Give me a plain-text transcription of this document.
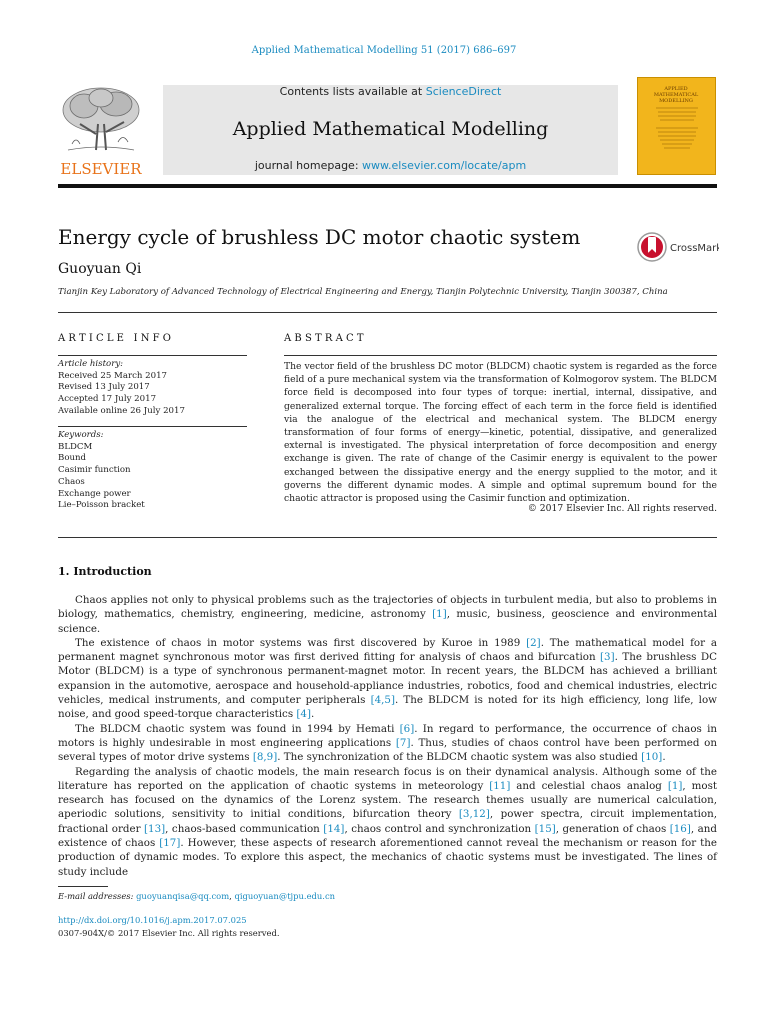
Applied Mathematical Modelling 51 (2017) 686–697
ELSEVIER
Contents lists available at ScienceDirect
Applied Mathematical Modelling
journal homepage: www.elsevier.com/locate/apm
APPLIED
MATHEMATICAL
MODELLING
Energy cycle of brushless DC motor chaotic system	CrossMark
Guoyuan Qi
Tianjin Key Laboratory of Advanced Technology of Electrical Engineering and Energy, Tianjin Polytechnic University, Tianjin 300387, China
ARTICLE INFO
Article history:
Received 25 March 2017
Revised 13 July 2017
Accepted 17 July 2017
Available online 26 July 2017
Keywords:
BLDCM
Bound
Casimir function
Chaos
Exchange power
Lie–Poisson bracket
ABSTRACT
The vector field of the brushless DC motor (BLDCM) chaotic system is regarded as the force field of a pure mechanical system via the transformation of Kolmogorov system. The BLDCM force field is decomposed into four types of torque: inertial, internal, dissipative, and generalized external torque. The forcing effect of each term in the force field is identified via the analogue of the electrical and mechanical system. The BLDCM energy transformation of four forms of energy—kinetic, potential, dissipative, and generalized external is investigated. The physical interpretation of force decomposition and energy exchange is given. The rate of change of the Casimir energy is equivalent to the power exchanged between the dissipative energy and the energy supplied to the motor, and it governs the different dynamic modes. A simple and optimal supremum bound for the chaotic attractor is proposed using the Casimir function and optimization.
© 2017 Elsevier Inc. All rights reserved.
1. Introduction

Chaos applies not only to physical problems such as the trajectories of objects in turbulent media, but also to problems in biology, mathematics, chemistry, engineering, medicine, astronomy [1], music, business, geoscience and environmental science.

The existence of chaos in motor systems was first discovered by Kuroe in 1989 [2]. The mathematical model for a permanent magnet synchronous motor was first derived fitting for analysis of chaos and bifurcation [3]. The brushless DC Motor (BLDCM) is a type of synchronous permanent-magnet motor. In recent years, the BLDCM has achieved a brilliant expansion in the automotive, aerospace and household-appliance industries, robotics, food and chemical industries, electric vehicles, medical instruments, and computer peripherals [4,5]. The BLDCM is noted for its high efficiency, long life, low noise, and good speed-torque characteristics [4].

The BLDCM chaotic system was found in 1994 by Hemati [6]. In regard to performance, the occurrence of chaos in motors is highly undesirable in most engineering applications [7]. Thus, studies of chaos control have been performed on several types of motor drive systems [8,9]. The synchronization of the BLDCM chaotic system was also studied [10].

Regarding the analysis of chaotic models, the main research focus is on their dynamical analysis. Although some of the literature has reported on the application of chaotic systems in meteorology [11] and celestial chaos analog [1], most research has focused on the dynamics of the Lorenz system. The research themes usually are numerical calculation, aperiodic solutions, sensitivity to initial conditions, bifurcation theory [3,12], power spectra, circuit implementation, fractional order [13], chaos-based communication [14], chaos control and synchronization [15], generation of chaos [16], and existence of chaos [17]. However, these aspects of research aforementioned cannot reveal the mechanism or reason for the production of dynamic modes. To explore this aspect, the mechanics of chaotic systems must be investigated. The lines of study include

E-mail addresses: guoyuanqisa@qq.com, qiguoyuan@tjpu.edu.cn
http://dx.doi.org/10.1016/j.apm.2017.07.025
0307-904X/© 2017 Elsevier Inc. All rights reserved.
